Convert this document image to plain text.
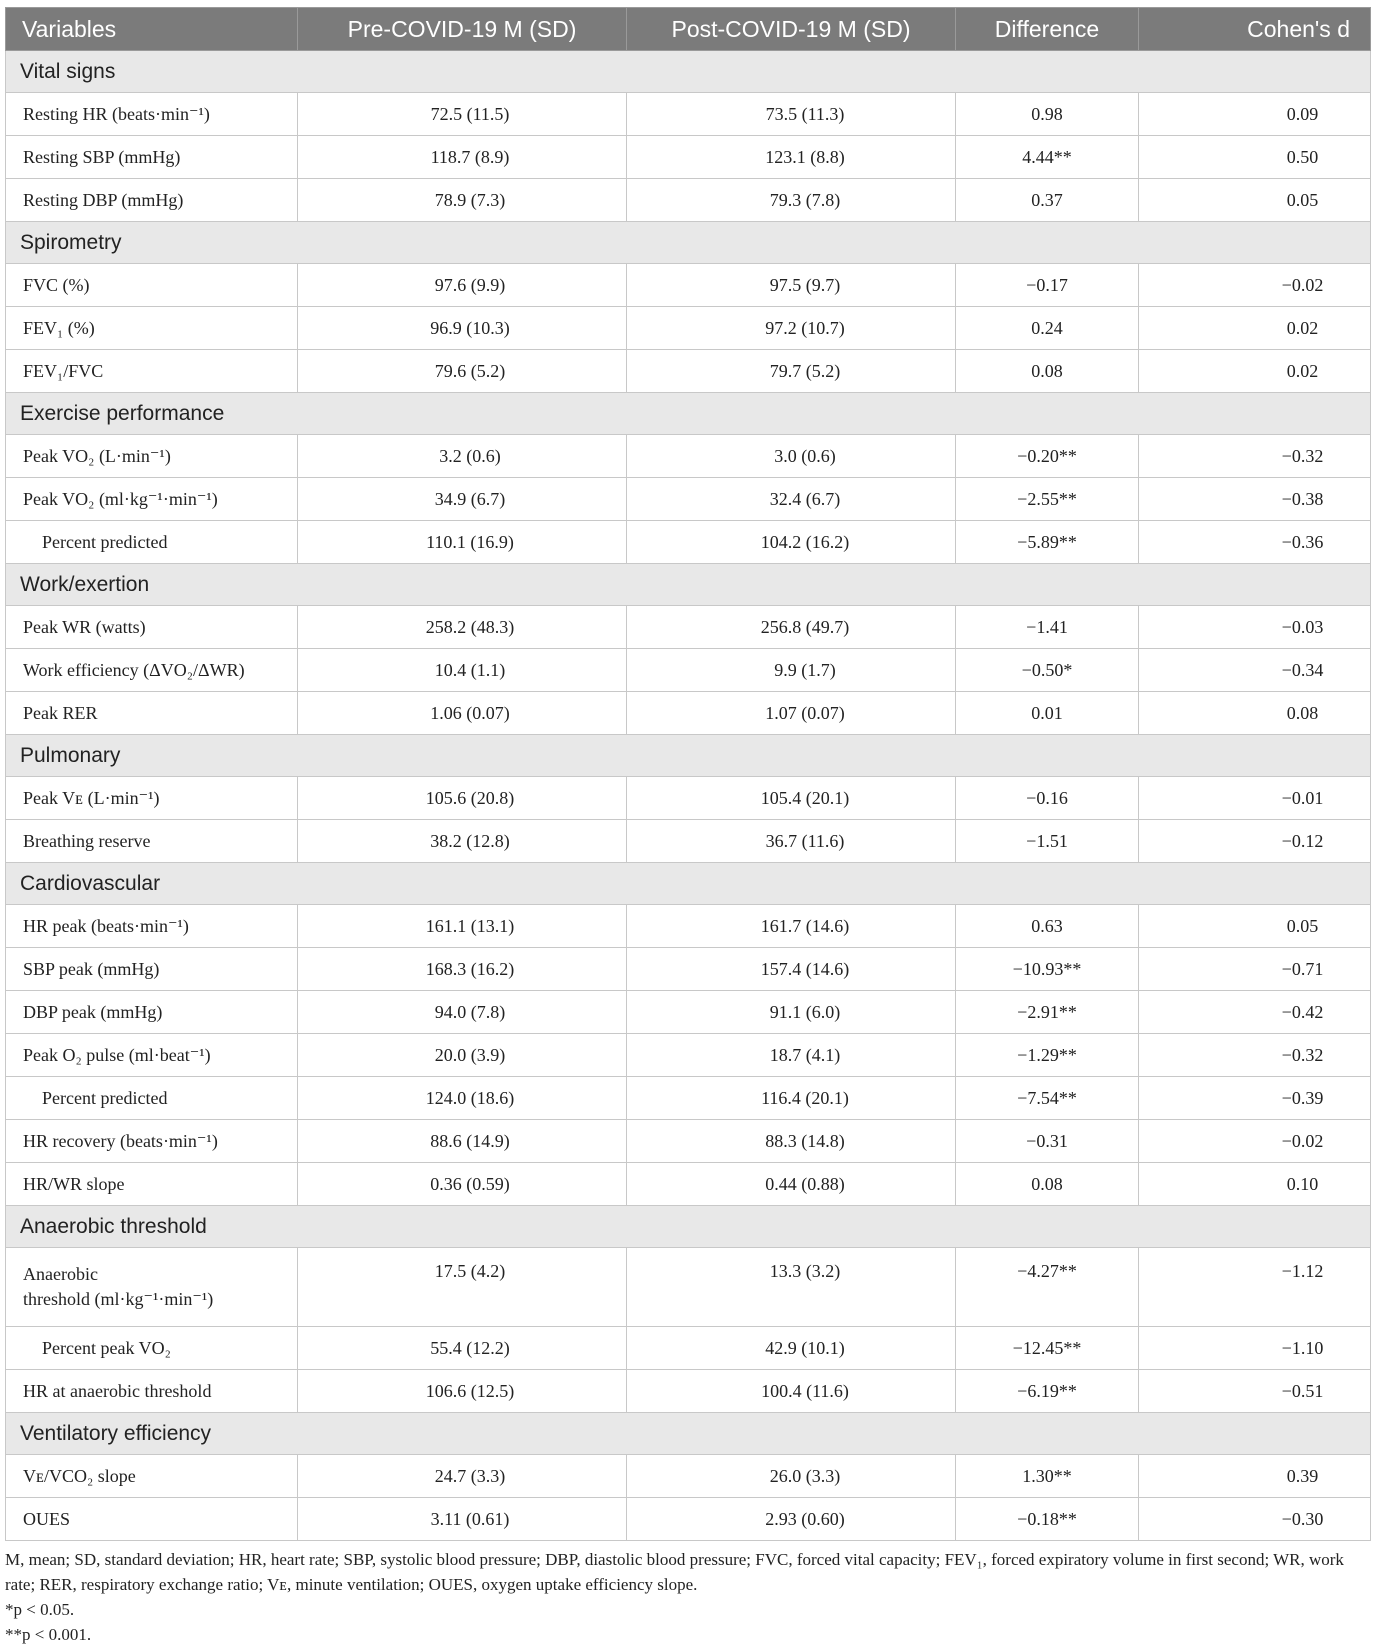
Variables	Pre-COVID-19 M (SD)	Post-COVID-19 M (SD)	Difference	Cohen's d
Vital signs				
Resting HR (beats·min⁻¹)	72.5 (11.5)	73.5 (11.3)	0.98	0.09
Resting SBP (mmHg)	118.7 (8.9)	123.1 (8.8)	4.44**	0.50
Resting DBP (mmHg)	78.9 (7.3)	79.3 (7.8)	0.37	0.05
Spirometry				
FVC (%)	97.6 (9.9)	97.5 (9.7)	−0.17	−0.02
FEV₁ (%)	96.9 (10.3)	97.2 (10.7)	0.24	0.02
FEV₁/FVC	79.6 (5.2)	79.7 (5.2)	0.08	0.02
Exercise performance				
Peak VO₂ (L·min⁻¹)	3.2 (0.6)	3.0 (0.6)	−0.20**	−0.32
Peak VO₂ (ml·kg⁻¹·min⁻¹)	34.9 (6.7)	32.4 (6.7)	−2.55**	−0.38
Percent predicted	110.1 (16.9)	104.2 (16.2)	−5.89**	−0.36
Work/exertion				
Peak WR (watts)	258.2 (48.3)	256.8 (49.7)	−1.41	−0.03
Work efficiency (ΔVO₂/ΔWR)	10.4 (1.1)	9.9 (1.7)	−0.50*	−0.34
Peak RER	1.06 (0.07)	1.07 (0.07)	0.01	0.08
Pulmonary				
Peak Vᴇ (L·min⁻¹)	105.6 (20.8)	105.4 (20.1)	−0.16	−0.01
Breathing reserve	38.2 (12.8)	36.7 (11.6)	−1.51	−0.12
Cardiovascular				
HR peak (beats·min⁻¹)	161.1 (13.1)	161.7 (14.6)	0.63	0.05
SBP peak (mmHg)	168.3 (16.2)	157.4 (14.6)	−10.93**	−0.71
DBP peak (mmHg)	94.0 (7.8)	91.1 (6.0)	−2.91**	−0.42
Peak O₂ pulse (ml·beat⁻¹)	20.0 (3.9)	18.7 (4.1)	−1.29**	−0.32
Percent predicted	124.0 (18.6)	116.4 (20.1)	−7.54**	−0.39
HR recovery (beats·min⁻¹)	88.6 (14.9)	88.3 (14.8)	−0.31	−0.02
HR/WR slope	0.36 (0.59)	0.44 (0.88)	0.08	0.10
Anaerobic threshold				

Anaerobic
threshold (ml·kg⁻¹·min⁻¹)	17.5 (4.2)	13.3 (3.2)	−4.27**	−1.12
Percent peak VO₂	55.4 (12.2)	42.9 (10.1)	−12.45**	−1.10
HR at anaerobic threshold	106.6 (12.5)	100.4 (11.6)	−6.19**	−0.51
Ventilatory efficiency				
Vᴇ/VCO₂ slope	24.7 (3.3)	26.0 (3.3)	1.30**	0.39
OUES	3.11 (0.61)	2.93 (0.60)	−0.18**	−0.30

M, mean; SD, standard deviation; HR, heart rate; SBP, systolic blood pressure; DBP, diastolic blood pressure; FVC, forced vital capacity; FEV₁, forced expiratory volume in first second; WR, work rate; RER, respiratory exchange ratio; Vᴇ, minute ventilation; OUES, oxygen uptake efficiency slope.

*p < 0.05.

**p < 0.001.
